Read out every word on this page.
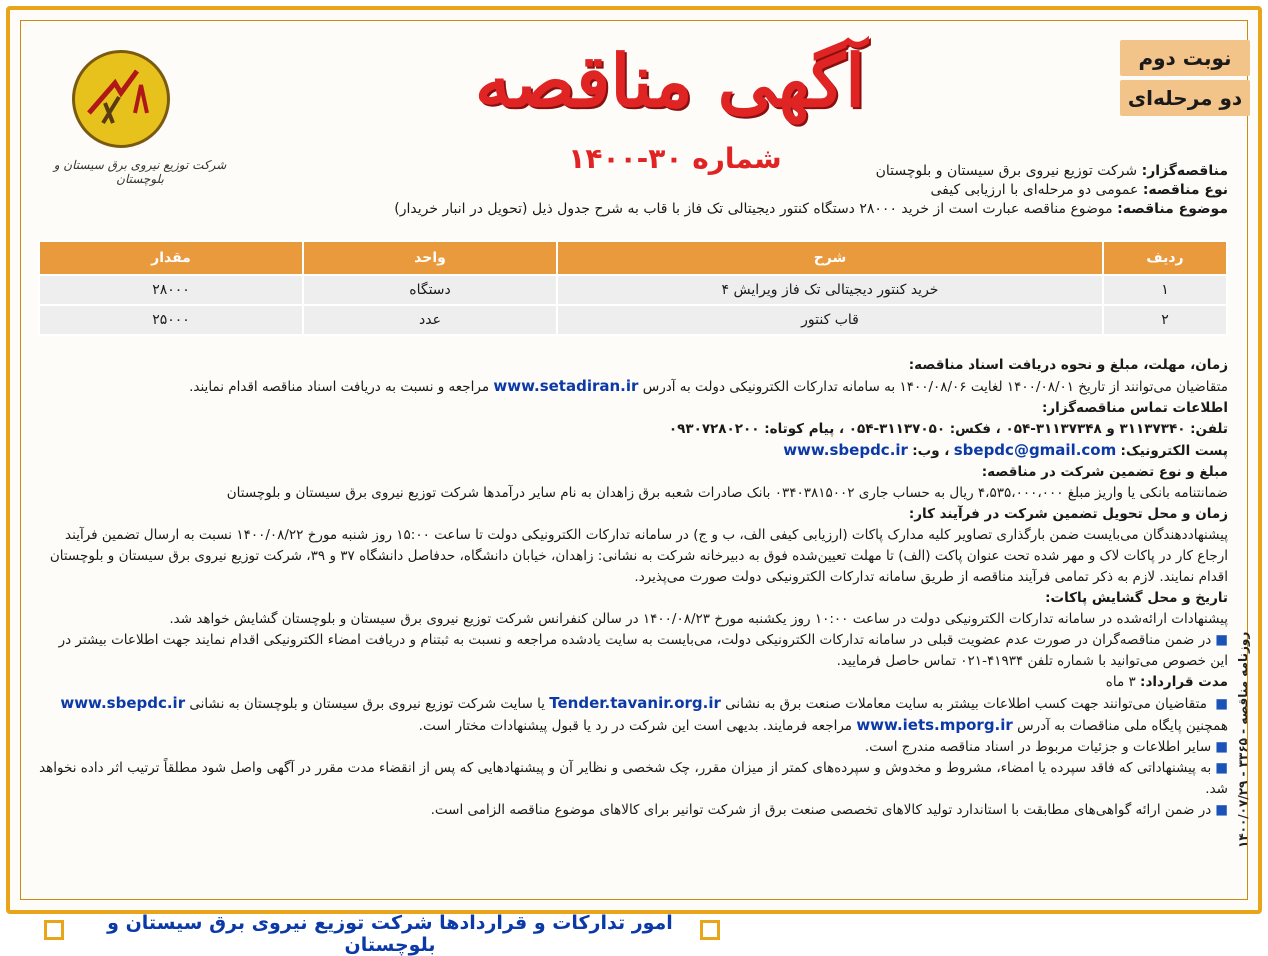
نوبت دوم
دو مرحله‌ای
آگهی مناقصه
شماره ۳۰-۱۴۰۰
شرکت توزیع نیروی برق سیستان و بلوچستان	مناقصه‌گزار: شرکت توزیع نیروی برق سیستان و بلوچستان
نوع مناقصه: عمومی دو مرحله‌ای با ارزیابی کیفی
موضوع مناقصه: موضوع مناقصه عبارت است از خرید ۲۸۰۰۰ دستگاه کنتور دیجیتالی تک فاز با قاب به شرح جدول ذیل (تحویل در انبار خریدار)
ردیف	شرح	واحد	مقدار
۱	خرید کنتور دیجیتالی تک فاز ویرایش ۴	دستگاه	۲۸۰۰۰
۲	قاب کنتور	عدد	۲۵۰۰۰

زمان، مهلت، مبلغ و نحوه دریافت اسناد مناقصه:

متقاضیان می‌توانند از تاریخ ۱۴۰۰/۰۸/۰۱ لغایت ۱۴۰۰/۰۸/۰۶ به سامانه تدارکات الکترونیکی دولت به آدرس www.setadiran.ir مراجعه و نسبت به دریافت اسناد مناقصه اقدام نمایند.

اطلاعات تماس مناقصه‌گزار:

تلفن: ۳۱۱۳۷۳۴۰ و ۳۱۱۳۷۳۴۸-۰۵۴ ، فکس: ۳۱۱۳۷۰۵۰-۰۵۴ ، پیام کوتاه: ۰۹۳۰۷۲۸۰۲۰۰

پست الکترونیک: sbepdc@gmail.com ، وب: www.sbepdc.ir

مبلغ و نوع تضمین شرکت در مناقصه:

ضمانتنامه بانکی یا واریز مبلغ ۴،۵۳۵،۰۰۰،۰۰۰ ریال به حساب جاری ۰۳۴۰۳۸۱۵۰۰۲ بانک صادرات شعبه برق زاهدان به نام سایر درآمدها شرکت توزیع نیروی برق سیستان و بلوچستان

زمان و محل تحویل تضمین شرکت در فرآیند کار:

پیشنهاددهندگان می‌بایست ضمن بارگذاری تصاویر کلیه مدارک پاکات (ارزیابی کیفی الف، ب و ج) در سامانه تدارکات الکترونیکی دولت تا ساعت ۱۵:۰۰ روز شنبه مورخ ۱۴۰۰/۰۸/۲۲ نسبت به ارسال تضمین فرآیند ارجاع کار در پاکات لاک و مهر شده تحت عنوان پاکت (الف) تا مهلت تعیین‌شده فوق به دبیرخانه شرکت به نشانی: زاهدان، خیابان دانشگاه، حدفاصل دانشگاه ۳۷ و ۳۹، شرکت توزیع نیروی برق سیستان و بلوچستان اقدام نمایند. لازم به ذکر تمامی فرآیند مناقصه از طریق سامانه تدارکات الکترونیکی دولت صورت می‌پذیرد.

تاریخ و محل گشایش پاکات:

پیشنهادات ارائه‌شده در سامانه تدارکات الکترونیکی دولت در ساعت ۱۰:۰۰ روز یکشنبه مورخ ۱۴۰۰/۰۸/۲۳ در سالن کنفرانس شرکت توزیع نیروی برق سیستان و بلوچستان گشایش خواهد شد.

■در ضمن مناقصه‌گران در صورت عدم عضویت قبلی در سامانه تدارکات الکترونیکی دولت، می‌بایست به سایت یادشده مراجعه و نسبت به ثبتنام و دریافت امضاء الکترونیکی اقدام نمایند جهت اطلاعات بیشتر در این خصوص می‌توانید با شماره تلفن ۴۱۹۳۴-۰۲۱ تماس حاصل فرمایید.

مدت قرارداد: ۳ ماه

■ متقاضیان می‌توانند جهت کسب اطلاعات بیشتر به سایت معاملات صنعت برق به نشانی Tender.tavanir.org.ir یا سایت شرکت توزیع نیروی برق سیستان و بلوچستان به نشانی www.sbepdc.ir همچنین پایگاه ملی مناقصات به آدرس www.iets.mporg.ir مراجعه فرمایند. بدیهی است این شرکت در رد یا قبول پیشنهادات مختار است.

■سایر اطلاعات و جزئیات مربوط در اسناد مناقصه مندرج است.

■به پیشنهاداتی که فاقد سپرده یا امضاء، مشروط و مخدوش و سپرده‌های کمتر از میزان مقرر، چک شخصی و نظایر آن و پیشنهادهایی که پس از انقضاء مدت مقرر در آگهی واصل شود مطلقاً ترتیب اثر داده نخواهد شد.

■در ضمن ارائه گواهی‌های مطابقت با استاندارد تولید کالاهای تخصصی صنعت برق از شرکت توانیر برای کالاهای موضوع مناقصه الزامی است.	روزنامه مناقصه - ۳۳۶۵ - ۱۴۰۰/۰۷/۲۹
امور تدارکات و قراردادها شرکت توزیع نیروی برق سیستان و بلوچستان
